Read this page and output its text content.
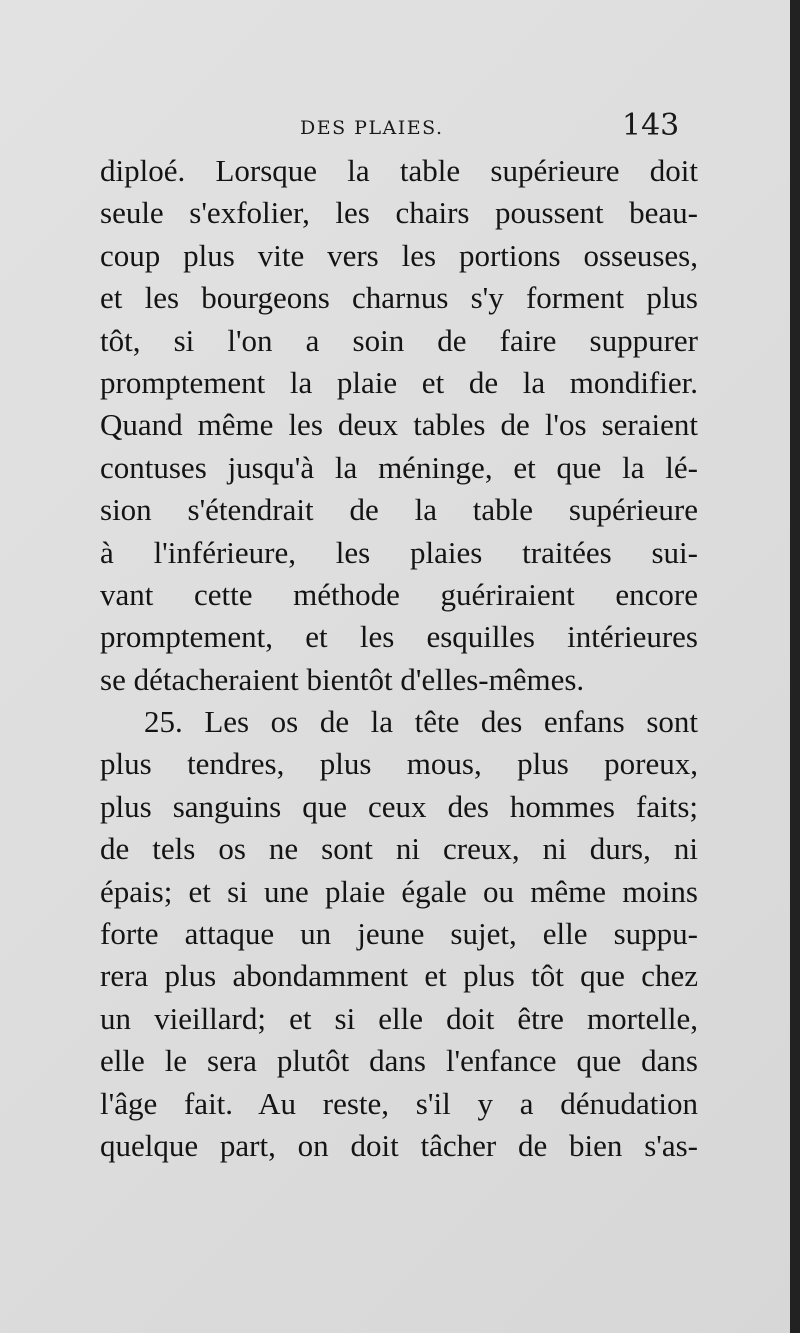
DES PLAIES.	143
diploé. Lorsque la table supérieure doit
seule s'exfolier, les chairs poussent beau-
coup plus vite vers les portions osseuses,
et les bourgeons charnus s'y forment plus
tôt, si l'on a soin de faire suppurer
promptement la plaie et de la mondifier.
Quand même les deux tables de l'os seraient
contuses jusqu'à la méninge, et que la lé-
sion s'étendrait de la table supérieure
à l'inférieure, les plaies traitées sui-
vant cette méthode guériraient encore
promptement, et les esquilles intérieures
se détacheraient bientôt d'elles-mêmes.
25. Les os de la tête des enfans sont
plus tendres, plus mous, plus poreux,
plus sanguins que ceux des hommes faits;
de tels os ne sont ni creux, ni durs, ni
épais; et si une plaie égale ou même moins
forte attaque un jeune sujet, elle suppu-
rera plus abondamment et plus tôt que chez
un vieillard; et si elle doit être mortelle,
elle le sera plutôt dans l'enfance que dans
l'âge fait. Au reste, s'il y a dénudation
quelque part, on doit tâcher de bien s'as-
